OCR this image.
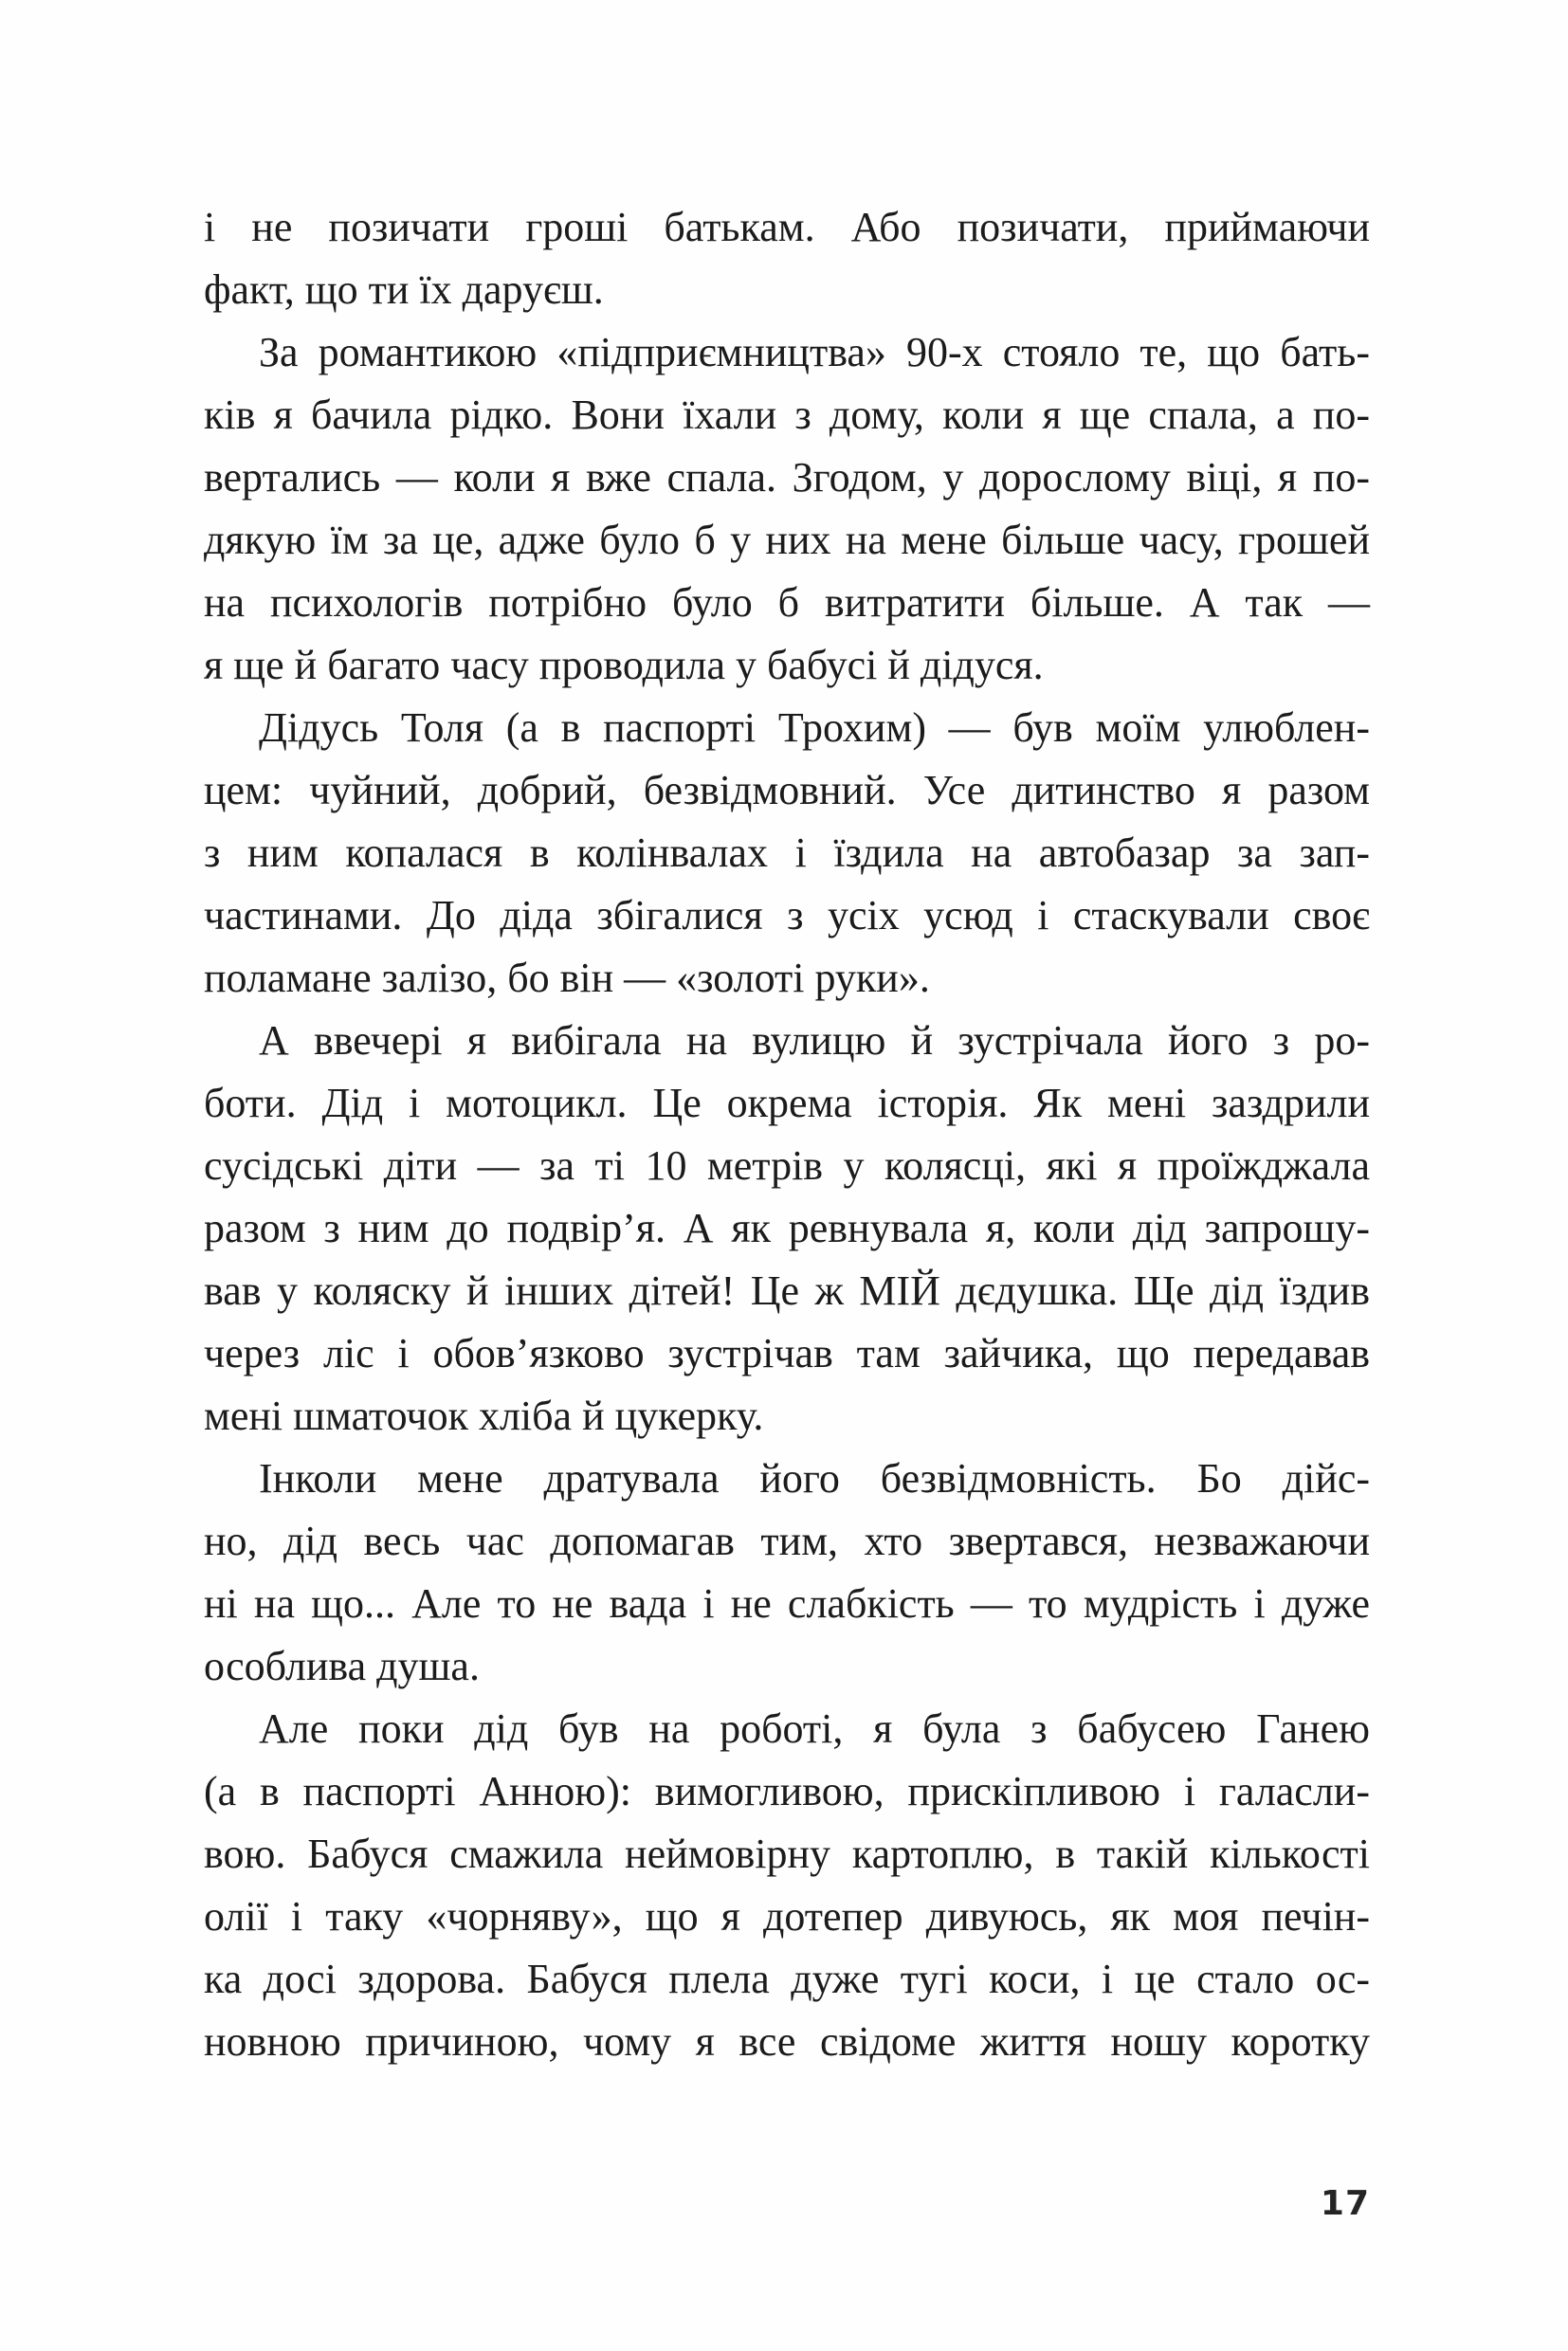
і не позичати гроші батькам. Або позичати, приймаючи
факт, що ти їх даруєш.
За романтикою «підприємництва» 90-х стояло те, що бать-
ків я бачила рідко. Вони їхали з дому, коли я ще спала, а по-
вертались — коли я вже спала. Згодом, у дорослому віці, я по-
дякую їм за це, адже було б у них на мене більше часу, грошей
на психологів потрібно було б витратити більше. А так —
я ще й багато часу проводила у бабусі й дідуся.
Дідусь Толя (а в паспорті Трохим) — був моїм улюблен-
цем: чуйний, добрий, безвідмовний. Усе дитинство я разом
з ним копалася в колінвалах і їздила на автобазар за зап-
частинами. До діда збігалися з усіх усюд і стаскували своє
поламане залізо, бо він — «золоті руки».
А ввечері я вибігала на вулицю й зустрічала його з ро-
боти. Дід і мотоцикл. Це окрема історія. Як мені заздрили
сусідські діти — за ті 10 метрів у колясці, які я проїжджала
разом з ним до подвір’я. А як ревнувала я, коли дід запрошу-
вав у коляску й інших дітей! Це ж МІЙ дєдушка. Ще дід їздив
через ліс і обов’язково зустрічав там зайчика, що передавав
мені шматочок хліба й цукерку.
Інколи мене дратувала його безвідмовність. Бо дійс-
но, дід весь час допомагав тим, хто звертався, незважаючи
ні на що... Але то не вада і не слабкість — то мудрість і дуже
особлива душа.
Але поки дід був на роботі, я була з бабусею Ганею
(а в паспорті Анною): вимогливою, прискіпливою і галасли-
вою. Бабуся смажила неймовірну картоплю, в такій кількості
олії і таку «чорняву», що я дотепер дивуюсь, як моя печін-
ка досі здорова. Бабуся плела дуже тугі коси, і це стало ос-
новною причиною, чому я все свідоме життя ношу коротку
17
